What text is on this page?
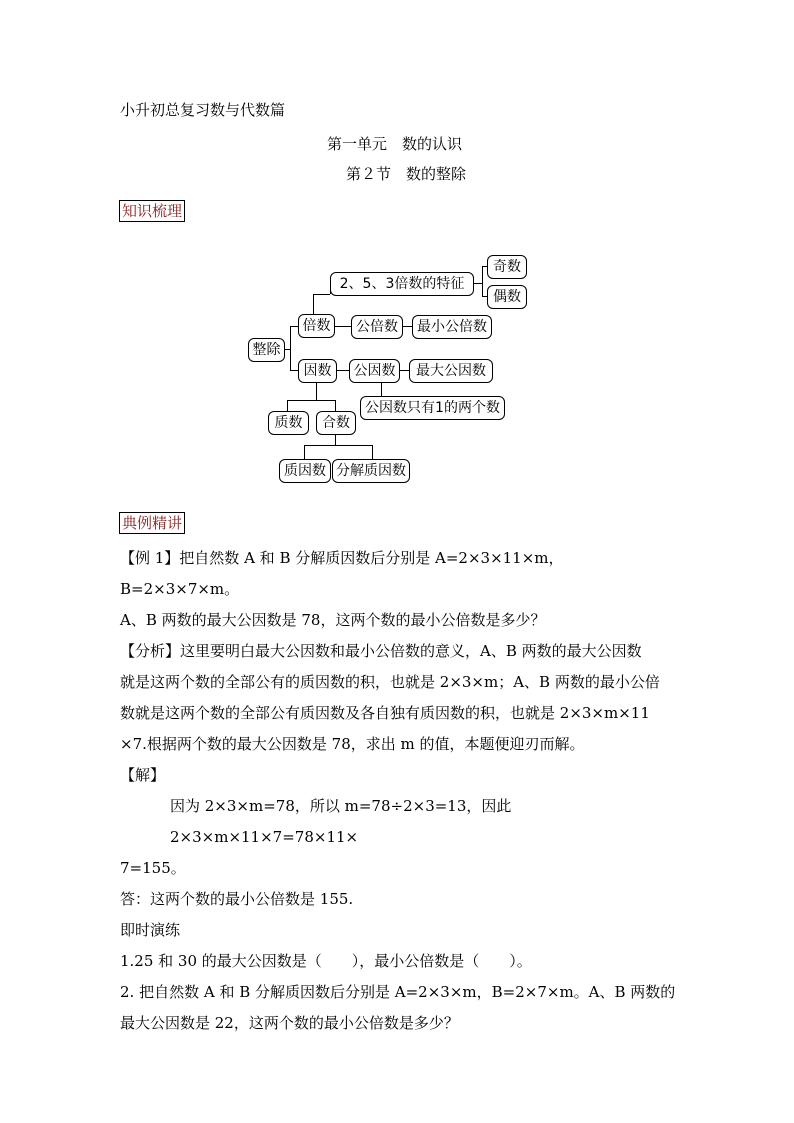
小升初总复习数与代数篇
第一单元　数的认识
第２节　数的整除
知识梳理
整除
倍数
因数
2、5、3倍数的特征
奇数
偶数
公倍数	最小公倍数
公因数	最大公因数
公因数只有1的两个数
质数	合数
质因数 分解质因数
典例精讲
【例 1】把自然数 A 和 B 分解质因数后分别是 A=2×3×11×m，B=2×3×7×m。
A、B 两数的最大公因数是 78，这两个数的最小公倍数是多少？
【分析】这里要明白最大公因数和最小公倍数的意义，A、B 两数的最大公因数
就是这两个数的全部公有的质因数的积，也就是 2×3×m；A、B 两数的最小公倍
数就是这两个数的全部公有质因数及各自独有质因数的积，也就是 2×3×m×11
×7.根据两个数的最大公因数是 78，求出 m 的值，本题便迎刃而解。
【解】
因为 2×3×m=78，所以 m=78÷2×3=13，因此 2×3×m×11×7=78×11×
7=155。
答：这两个数的最小公倍数是 155.
即时演练
1.25 和 30 的最大公因数是（　　），最小公倍数是（　　）。
2. 把自然数 A 和 B 分解质因数后分别是 A=2×3×m，B=2×7×m。A、B 两数的
最大公因数是 22，这两个数的最小公倍数是多少？
